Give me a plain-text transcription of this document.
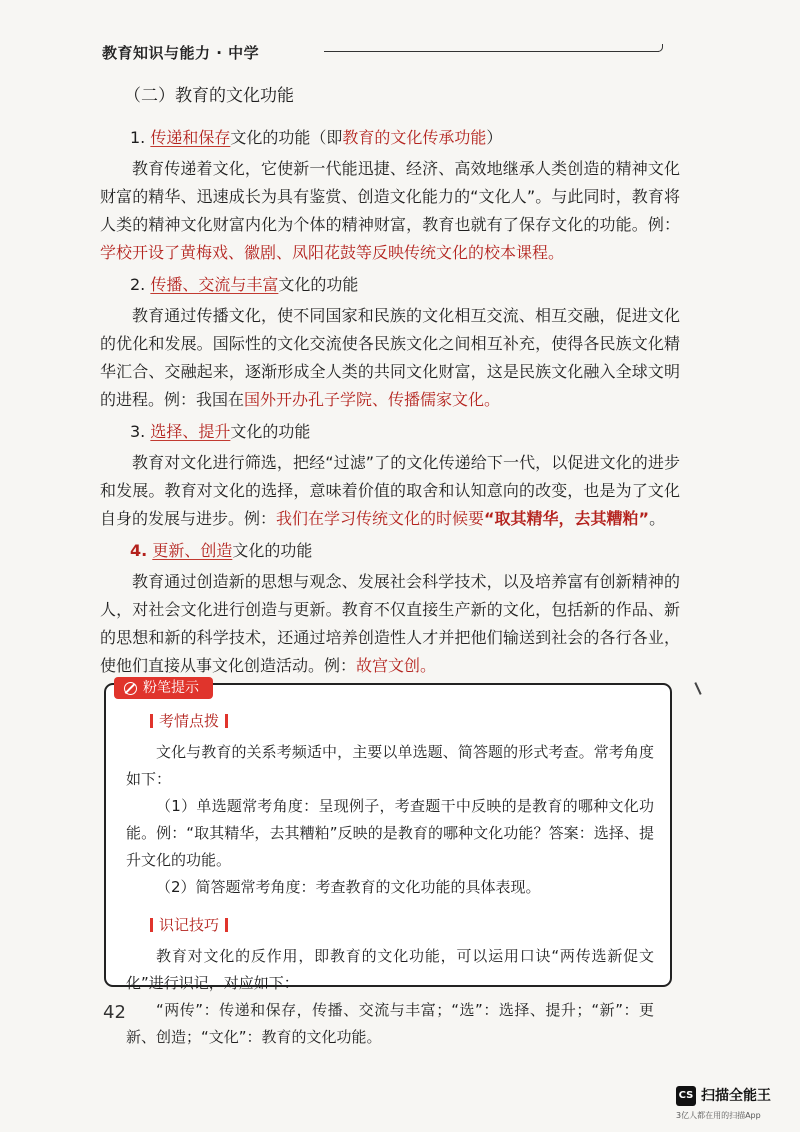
教育知识与能力 · 中学
（二）教育的文化功能
1. 传递和保存文化的功能（即教育的文化传承功能）
教育传递着文化，它使新一代能迅捷、经济、高效地继承人类创造的精神文化财富的精华、迅速成长为具有鉴赏、创造文化能力的“文化人”。与此同时，教育将人类的精神文化财富内化为个体的精神财富，教育也就有了保存文化的功能。例：学校开设了黄梅戏、徽剧、凤阳花鼓等反映传统文化的校本课程。
2. 传播、交流与丰富文化的功能
教育通过传播文化，使不同国家和民族的文化相互交流、相互交融，促进文化的优化和发展。国际性的文化交流使各民族文化之间相互补充，使得各民族文化精华汇合、交融起来，逐渐形成全人类的共同文化财富，这是民族文化融入全球文明的进程。例：我国在国外开办孔子学院、传播儒家文化。
3. 选择、提升文化的功能
教育对文化进行筛选，把经“过滤”了的文化传递给下一代，以促进文化的进步和发展。教育对文化的选择，意味着价值的取舍和认知意向的改变，也是为了文化自身的发展与进步。例：我们在学习传统文化的时候要“取其精华，去其糟粕”。
4. 更新、创造文化的功能
教育通过创造新的思想与观念、发展社会科学技术，以及培养富有创新精神的人，对社会文化进行创造与更新。教育不仅直接生产新的文化，包括新的作品、新的思想和新的科学技术，还通过培养创造性人才并把他们输送到社会的各行各业，使他们直接从事文化创造活动。例：故宫文创。
粉笔提示
考情点拨

文化与教育的关系考频适中，主要以单选题、简答题的形式考查。常考角度如下：

（1）单选题常考角度：呈现例子，考查题干中反映的是教育的哪种文化功能。例：“取其精华，去其糟粕”反映的是教育的哪种文化功能？答案：选择、提升文化的功能。

（2）简答题常考角度：考查教育的文化功能的具体表现。

识记技巧

教育对文化的反作用，即教育的文化功能，可以运用口诀“两传选新促文化”进行识记，对应如下：

“两传”：传递和保存，传播、交流与丰富；“选”：选择、提升；“新”：更新、创造；“文化”：教育的文化功能。

42
CS 扫描全能王
3亿人都在用的扫描App
